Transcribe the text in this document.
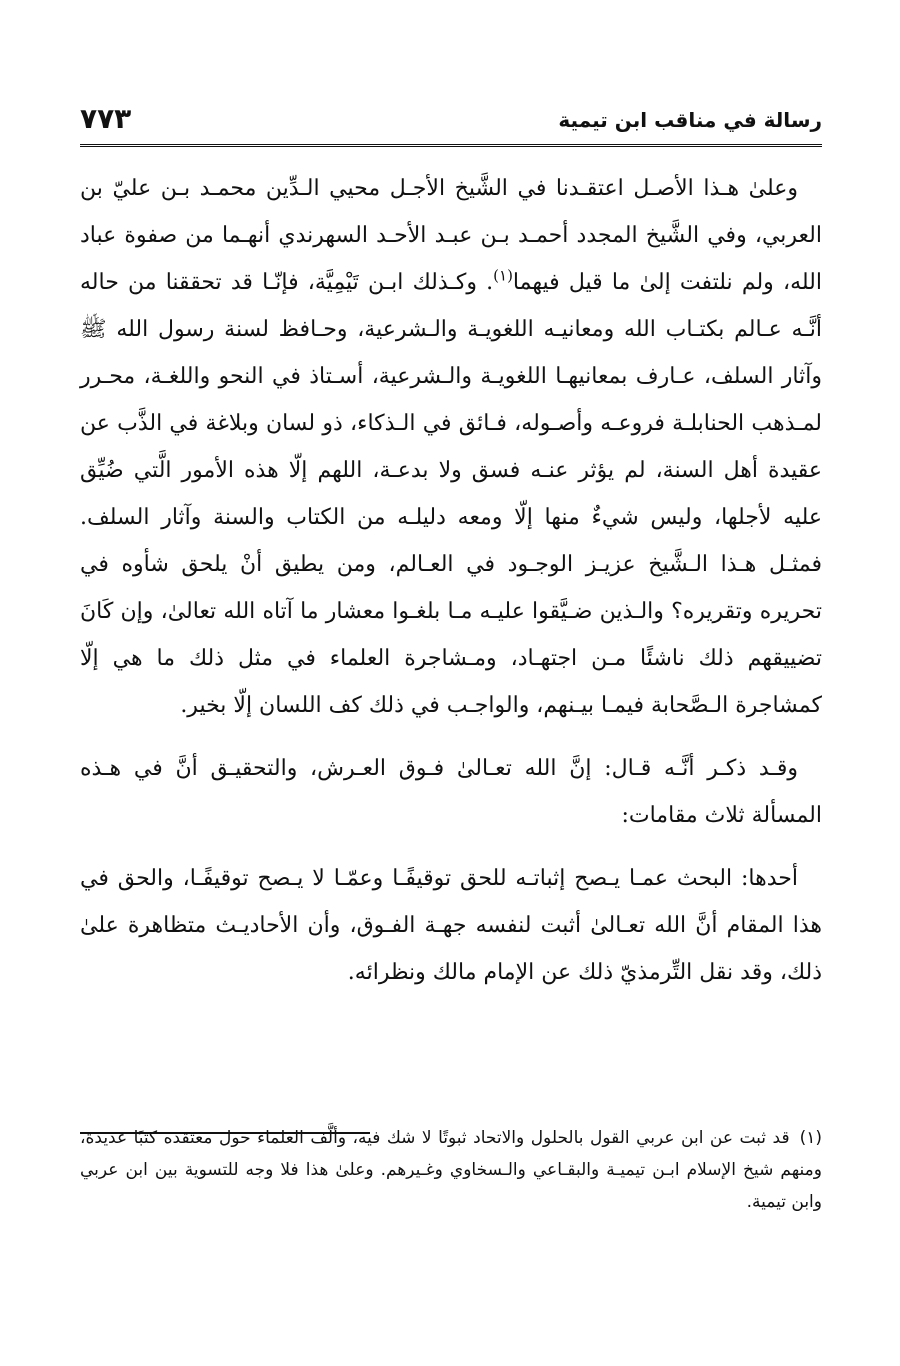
رسالة في مناقب ابن تيمية
٧٧٣

وعلىٰ هـذا الأصـل اعتقـدنا في الشَّيخ الأجـل محيي الـدِّين محمـد بـن عليّ بن العربي، وفي الشَّيخ المجدد أحمـد بـن عبـد الأحـد السهرندي أنهـما من صفوة عباد الله، ولم نلتفت إلىٰ ما قيل فيهما$^{(١)}$. وكـذلك ابـن تَيْمِيَّة، فإنّـا قد تحققنا من حاله أنَّـه عـالم بكتـاب الله ومعانيـه اللغويـة والـشرعية، وحـافظ لسنة رسول الله ﷺ وآثار السلف، عـارف بمعانيهـا اللغويـة والـشرعية، أسـتاذ في النحو واللغـة، محـرر لمـذهب الحنابلـة فروعـه وأصـوله، فـائق في الـذكاء، ذو لسان وبلاغة في الذَّب عن عقيدة أهل السنة، لم يؤثر عنـه فسق ولا بدعـة، اللهم إلّا هذه الأمور الَّتي ضُيِّق عليه لأجلها، وليس شيءٌ منها إلّا ومعه دليلـه من الكتاب والسنة وآثار السلف. فمثـل هـذا الـشَّيخ عزيـز الوجـود في العـالم، ومن يطيق أنْ يلحق شأوه في تحريره وتقريره؟ والـذين ضـيَّقوا عليـه مـا بلغـوا معشار ما آتاه الله تعالىٰ، وإن كَانَ تضييقهم ذلك ناشئًا مـن اجتهـاد، ومـشاجرة العلماء في مثل ذلك ما هي إلّا كمشاجرة الـصَّحابة فيمـا بيـنهم، والواجـب في ذلك كف اللسان إلّا بخير.

وقـد ذكـر أنَّـه قـال: إنَّ الله تعـالىٰ فـوق العـرش، والتحقيـق أنَّ في هـذه المسألة ثلاث مقامات:

أحدها: البحث عمـا يـصح إثباتـه للحق توقيفًـا وعمّـا لا يـصح توقيفًـا، والحق في هذا المقام أنَّ الله تعـالىٰ أثبت لنفسه جهـة الفـوق، وأن الأحاديـث متظاهرة علىٰ ذلك، وقد نقل التِّرمذيّ ذلك عن الإمام مالك ونظرائه.

(١)قد ثبت عن ابن عربي القول بالحلول والاتحاد ثبوتًا لا شك فيه، وألَّف العلماء حول معتقده كتبًا عديدة، ومنهم شيخ الإسلام ابـن تيميـة والبقـاعي والـسخاوي وغـيرهم. وعلىٰ هذا فلا وجه للتسوية بين ابن عربي وابن تيمية.
